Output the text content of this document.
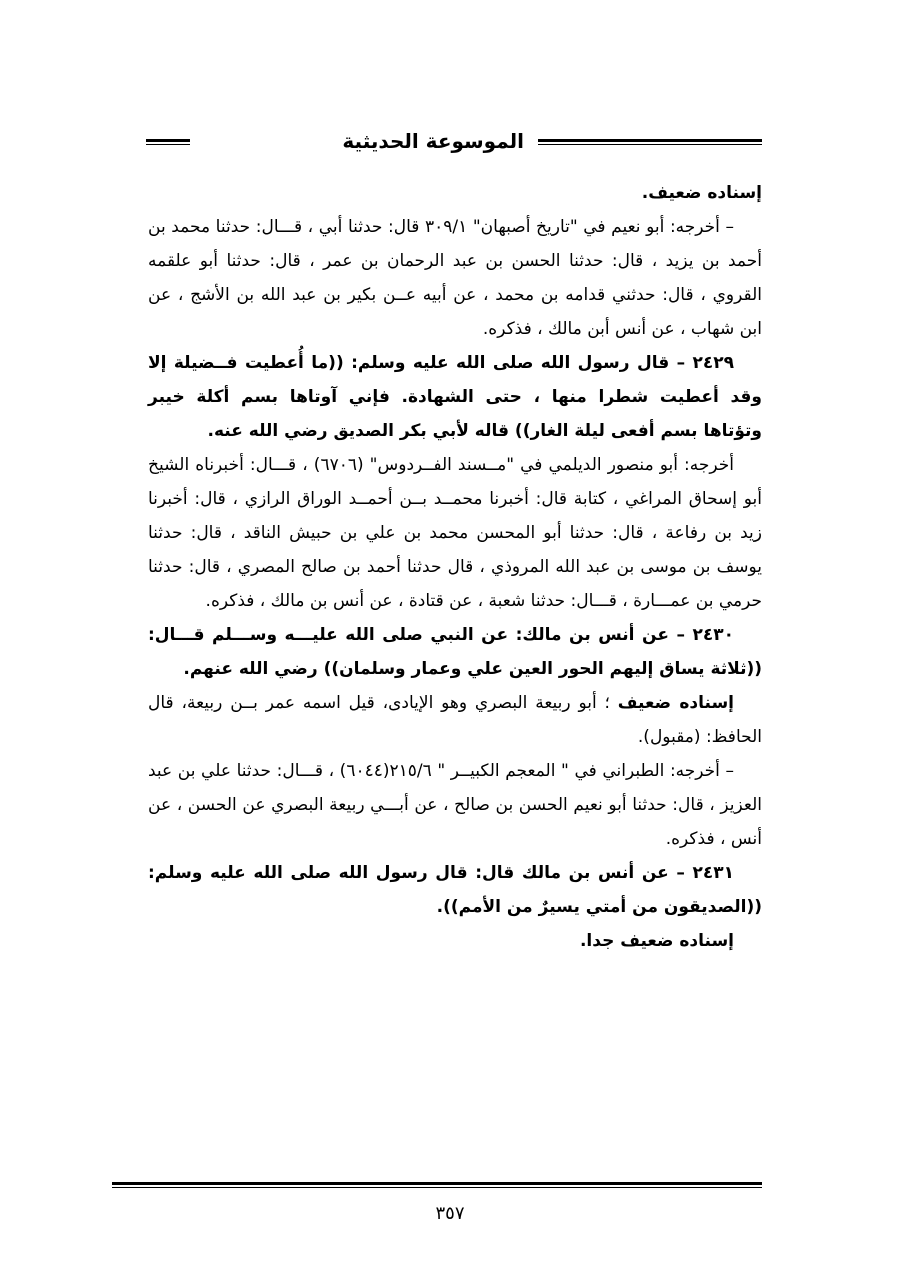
الموسوعة الحديثية

إسناده ضعيف.

– أخرجه: أبو نعيم في "تاريخ أصبهان" ٣٠٩/١ قال: حدثنا أبي ، قـــال: حدثنا محمد بن أحمد بن يزيد ، قال: حدثنا الحسن بن عبد الرحمان بن عمر ، قال: حدثنا أبو علقمه القروي ، قال: حدثني قدامه بن محمد ، عن أبيه عــن بكير بن عبد الله بن الأشج ، عن ابن شهاب ، عن أنس أبن مالك ، فذكره.

٢٤٢٩ – قال رسول الله صلى الله عليه وسلم: ((ما أُعطيت فــضيلة إلا وقد أعطيت شطرا منها ، حتى الشهادة. فإني آوتاها بسم أكلة خيبر وتؤتاها بسم أفعى ليلة الغار)) قاله لأبي بكر الصديق رضي الله عنه.

أخرجه: أبو منصور الديلمي في "مــسند الفــردوس" (٦٧٠٦) ، قـــال: أخبرناه الشيخ أبو إسحاق المراغي ، كتابة قال: أخبرنا محمــد بــن أحمــد الوراق الرازي ، قال: أخبرنا زيد بن رفاعة ، قال: حدثنا أبو المحسن محمد بن علي بن حبيش الناقد ، قال: حدثنا يوسف بن موسى بن عبد الله المروذي ، قال حدثنا أحمد بن صالح المصري ، قال: حدثنا حرمي بن عمـــارة ، قـــال: حدثنا شعبة ، عن قتادة ، عن أنس بن مالك ، فذكره.

٢٤٣٠ – عن أنس بن مالك: عن النبي صلى الله عليـــه وســـلم قـــال: ((ثلاثة يساق إليهم الحور العين علي وعمار وسلمان)) رضي الله عنهم.

إسناده ضعيف ؛ أبو ربيعة البصري وهو الإيادى، قيل اسمه عمر بــن ربيعة، قال الحافظ: (مقبول).

– أخرجه: الطبراني في " المعجم الكبيــر " ٢١٥/٦(٦٠٤٤) ، قـــال: حدثنا علي بن عبد العزيز ، قال: حدثنا أبو نعيم الحسن بن صالح ، عن أبـــي ربيعة البصري عن الحسن ، عن أنس ، فذكره.

٢٤٣١ – عن أنس بن مالك قال: قال رسول الله صلى الله عليه وسلم: ((الصديقون من أمتي يسيرٌ من الأمم)).

إسناده ضعيف جدا.

٣٥٧
